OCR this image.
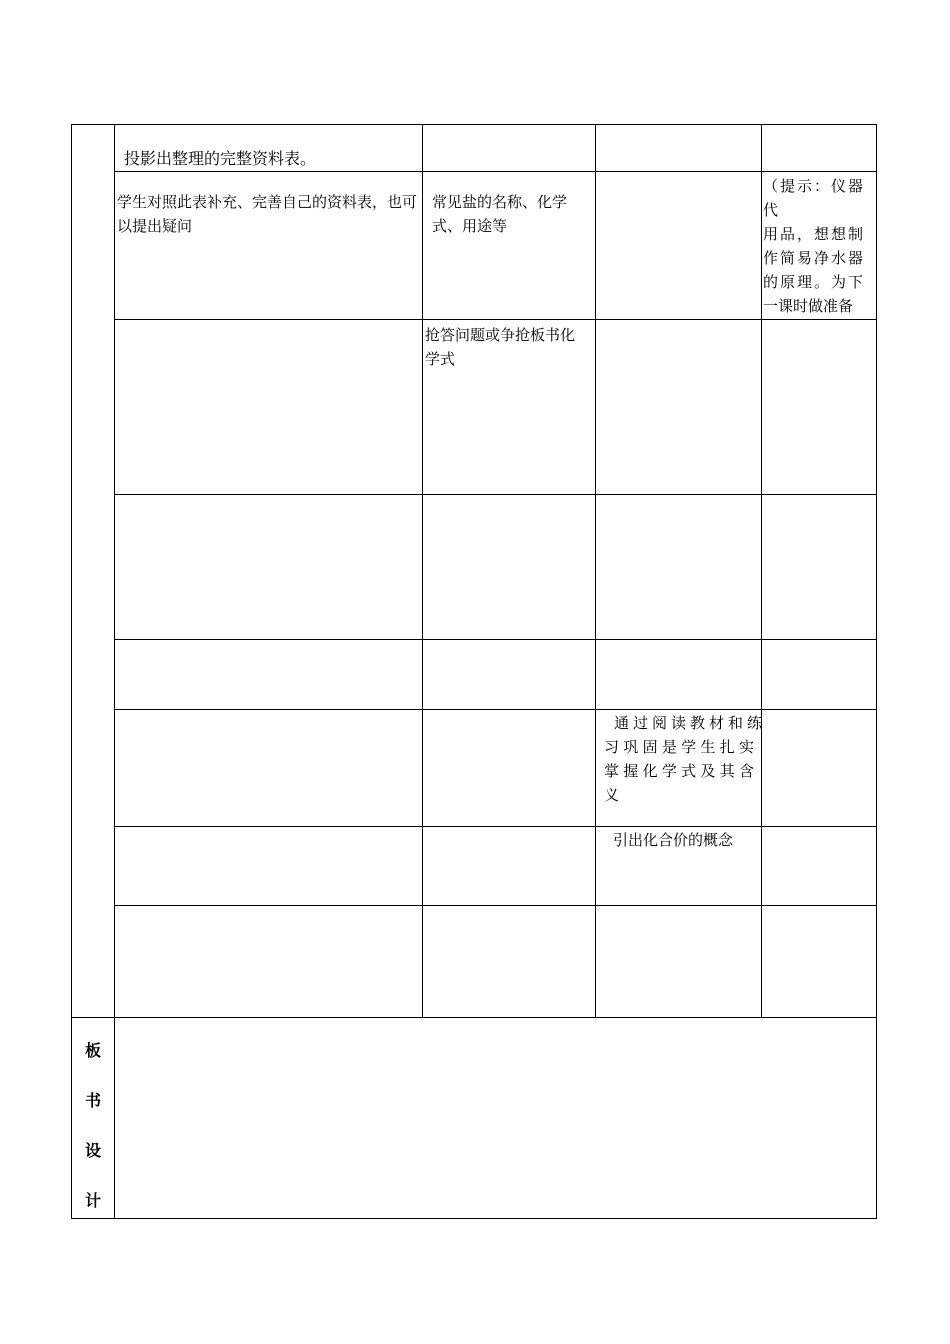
投影出整理的完整资料表。
学生对照此表补充、完善自己的资料表，也可以提出疑问
常见盐的名称、化学式、用途等
（提示：仪器代
用品，想想制
作简易净水器
的原理。为下
一课时做准备
抢答问题或争抢板书化学式
通过阅读教材和练
习巩固是学生扎实
掌握化学式及其含
义
引出化合价的概念
板
书
设
计
